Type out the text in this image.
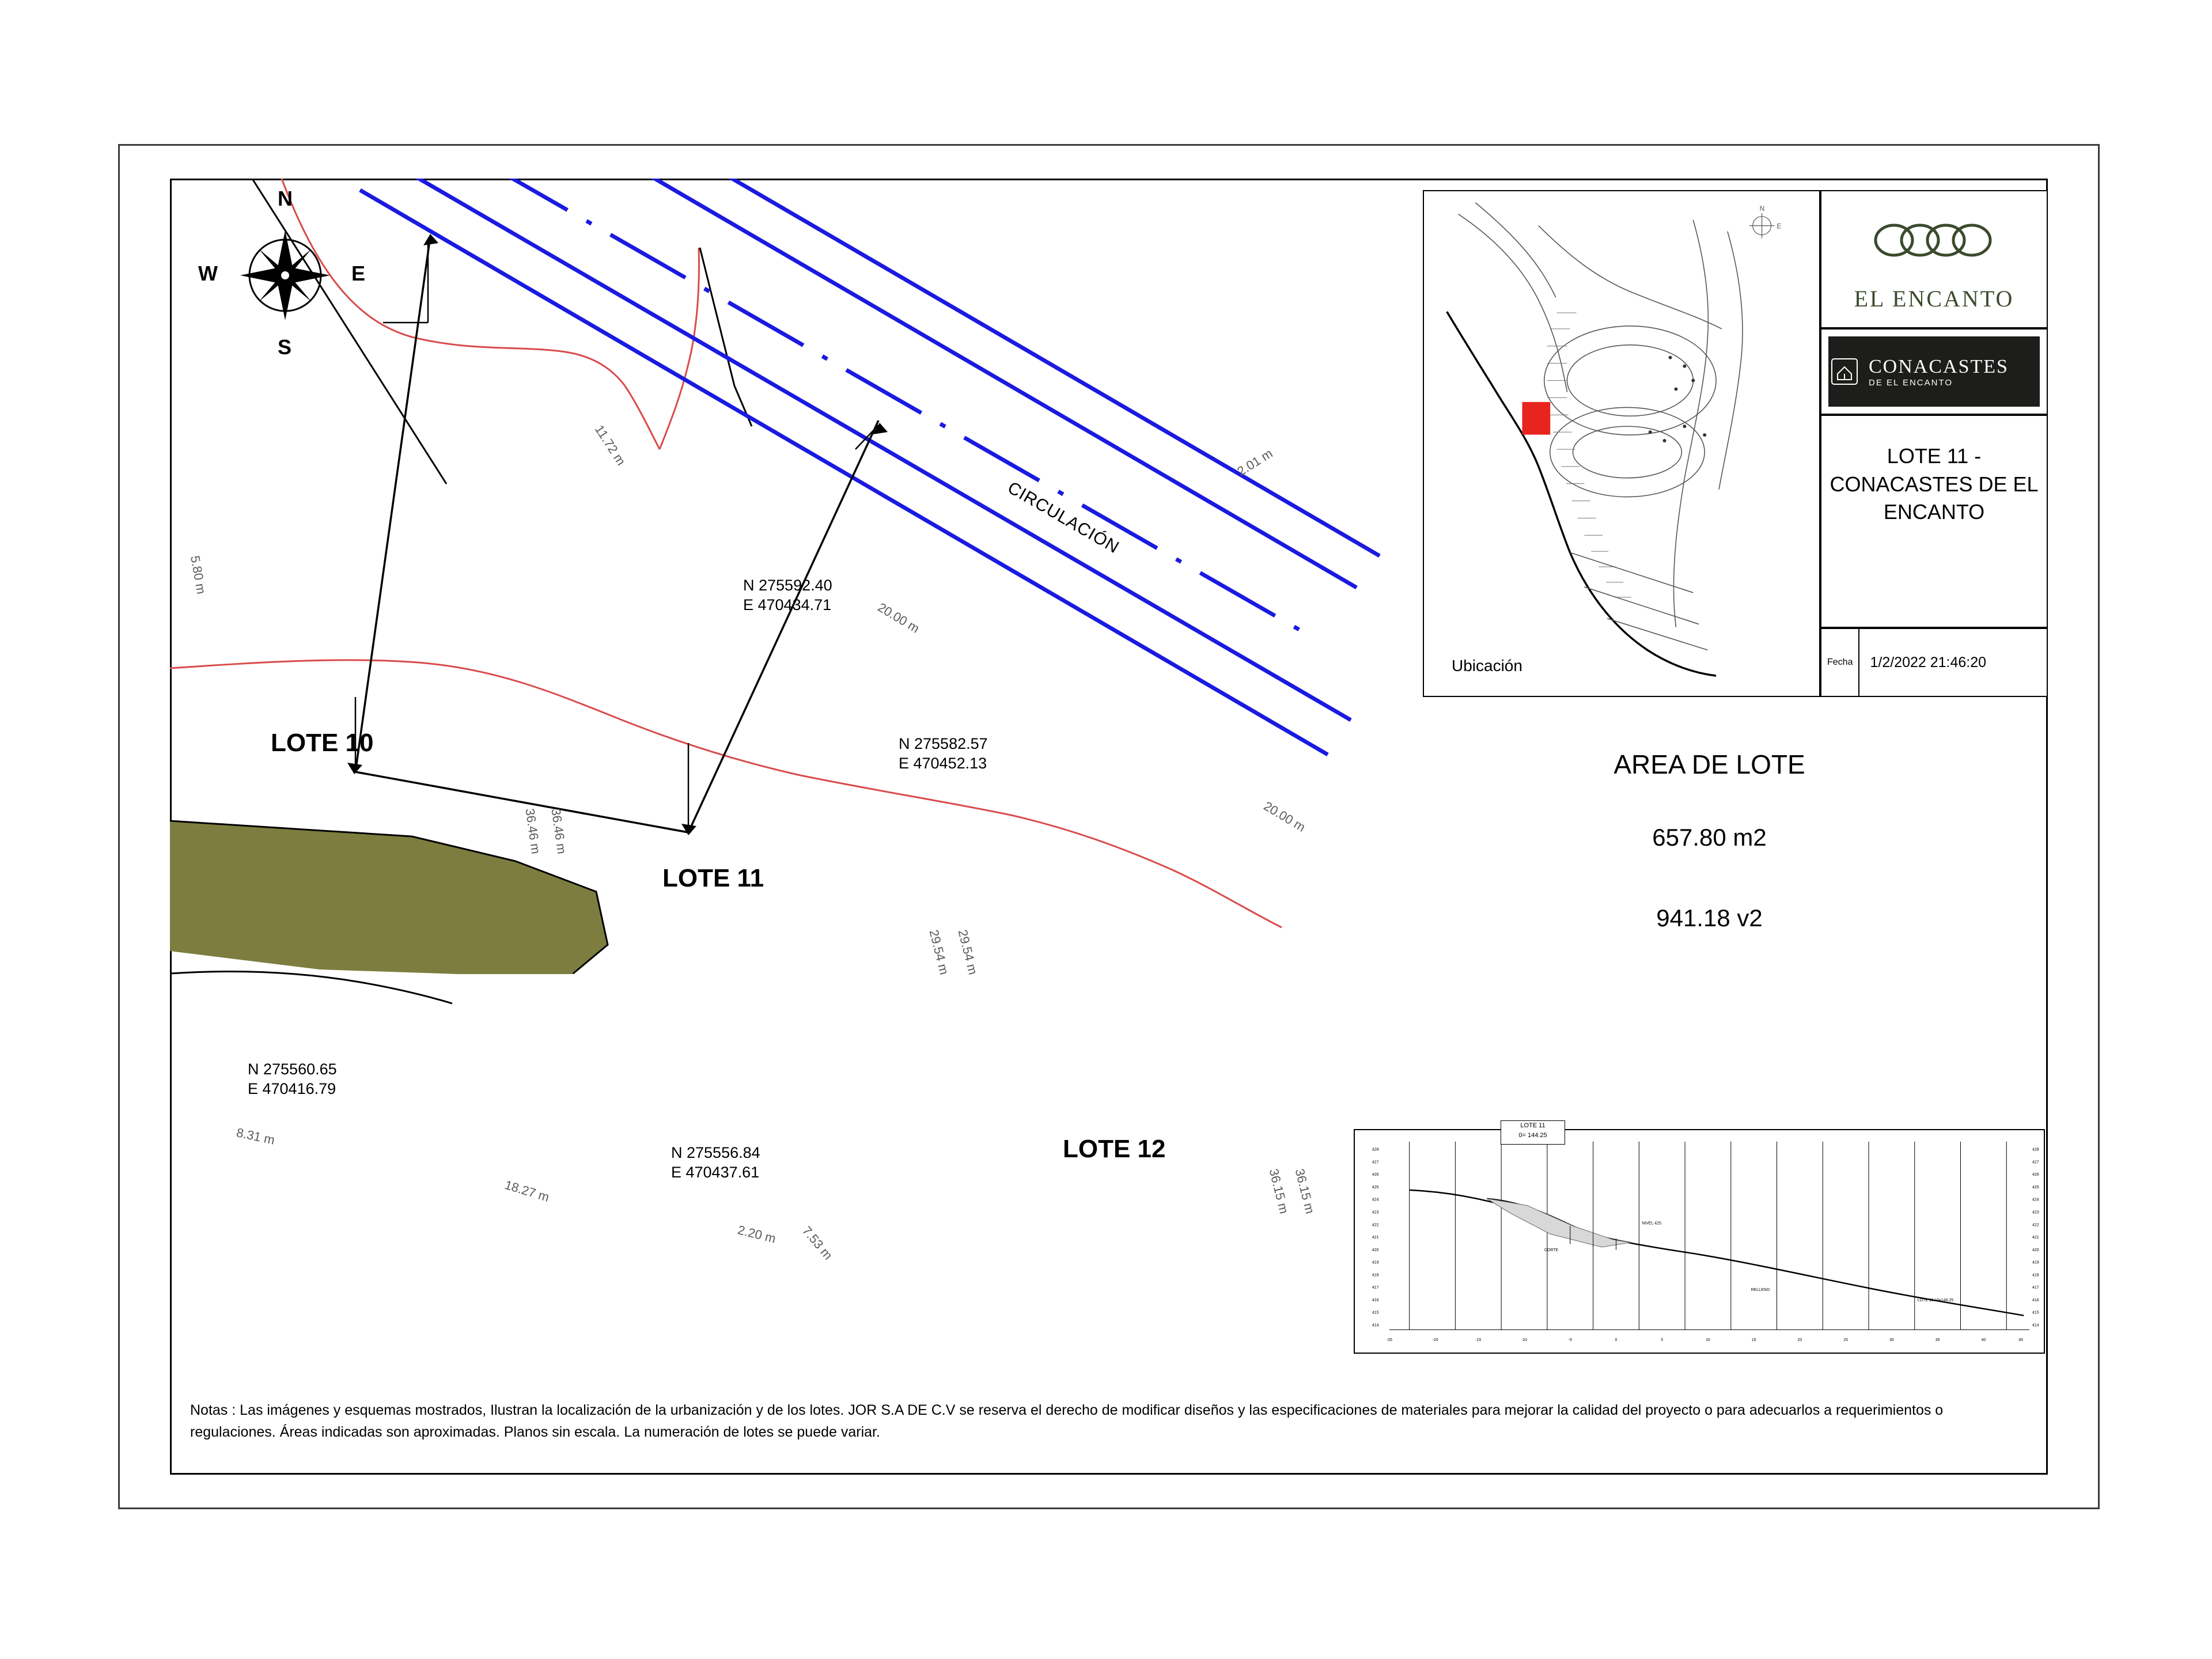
N
S
E
W
LOTE 10
LOTE 11
LOTE 12
CIRCULACIÓN
N 275592.40
E 470434.71
N 275582.57
E 470452.13
N 275560.65
E 470416.79
N 275556.84
E 470437.61
11.72 m
20.00 m
20.00 m
2.01 m
36.46 m 36.46 m
29.54 m 29.54 m
36.15 m 36.15 m
5.80 m
8.31 m
18.27 m
2.20 m 7.53 m
E
N
Ubicación
EL ENCANTO
CONACASTES
DE EL ENCANTO
LOTE 11 - CONACASTES DE EL ENCANTO
Fecha	1/2/2022 21:46:20
AREA DE LOTE
657.80 m2
941.18 v2
LOTE 11
0= 144.25
428
427
426
425
424
423
422
421
420
419
418
417
416
415
414
428
427
426
425
424
423
422
421
420
419
418
417
416
415
414
-25	-20	-15	-10	-5	0	5	10	15	20	25	30	35	40	45
NIVEL 425.
CORTE
RELLENO
LOTE 11 / 0=144.25
Notas : Las imágenes y esquemas mostrados, Ilustran la localización de la urbanización y de los lotes. JOR S.A DE C.V se reserva el derecho de modificar diseños y las especificaciones de materiales para mejorar la calidad del proyecto o para adecuarlos a requerimientos o regulaciones. Áreas indicadas son aproximadas. Planos sin escala. La numeración de lotes se puede variar.
